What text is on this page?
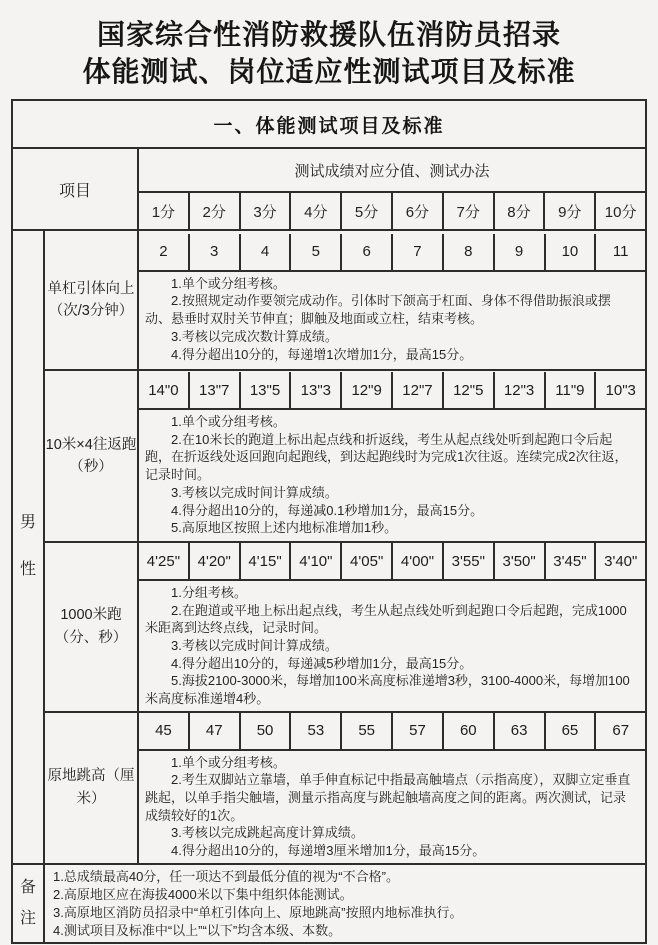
国家综合性消防救援队伍消防员招录
体能测试、岗位适应性测试项目及标准
一、体能测试项目及标准											
项目		测试成绩对应分值、测试办法									
		1分	2分	3分	4分	5分	6分	7分	8分	9分	10分

男性
	单杠引体向上（次/3分钟）	
2	3	4	5	6	7	8	9	10	11

1.单个或分组考核。

2.按照规定动作要领完成动作。引体时下颌高于杠面、身体不得借助振浪或摆动、悬垂时双肘关节伸直；脚触及地面或立柱，结束考核。

3.考核以完成次数计算成绩。

4.得分超出10分的，每递增1次增加1分，最高15分。

10米×4往返跑（秒）	
14"0	13"7	13"5	13"3	12"9	12"7	12"5	12"3	11"9	10"3

1.单个或分组考核。

2.在10米长的跑道上标出起点线和折返线，考生从起点线处听到起跑口令后起跑，在折返线处返回跑向起跑线，到达起跑线时为完成1次往返。连续完成2次往返，记录时间。

3.考核以完成时间计算成绩。

4.得分超出10分的，每递减0.1秒增加1分，最高15分。

5.高原地区按照上述内地标准增加1秒。

1000米跑（分、秒）	
4'25"	4'20"	4'15"	4'10"	4'05"	4'00"	3'55"	3'50"	3'45"	3'40"

1.分组考核。

2.在跑道或平地上标出起点线，考生从起点线处听到起跑口令后起跑，完成1000米距离到达终点线，记录时间。

3.考核以完成时间计算成绩。

4.得分超出10分的，每递减5秒增加1分，最高15分。

5.海拔2100-3000米，每增加100米高度标准递增3秒，3100-4000米，每增加100米高度标准递增4秒。

原地跳高（厘米）	
45	47	50	53	55	57	60	63	65	67

1.单个或分组考核。

2.考生双脚站立靠墙，单手伸直标记中指最高触墙点（示指高度），双脚立定垂直跳起，以单手指尖触墙，测量示指高度与跳起触墙高度之间的距离。两次测试，记录成绩较好的1次。

3.考核以完成跳起高度计算成绩。

4.得分超出10分的，每递增3厘米增加1分，最高15分。

备注	1.总成绩最高40分，任一项达不到最低分值的视为“不合格”。

2.高原地区应在海拔4000米以下集中组织体能测试。

3.高原地区消防员招录中“单杠引体向上、原地跳高”按照内地标准执行。

4.测试项目及标准中“以上”“以下”均含本级、本数。										
